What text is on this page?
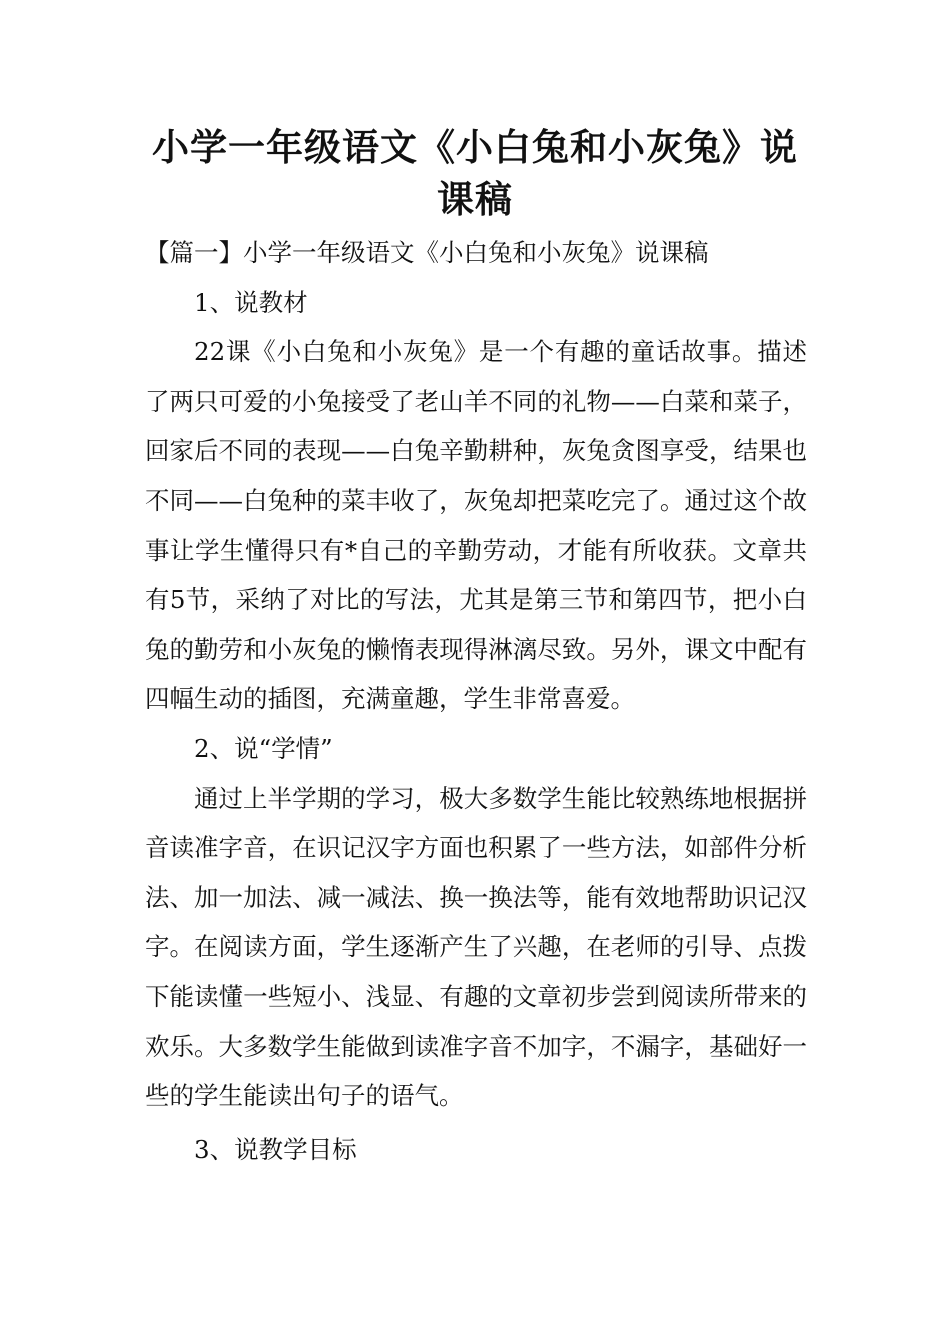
小学一年级语文《小白兔和小灰兔》说课稿

【篇一】小学一年级语文《小白兔和小灰兔》说课稿

1、说教材

22课《小白兔和小灰兔》是一个有趣的童话故事。描述了两只可爱的小兔接受了老山羊不同的礼物——白菜和菜子，回家后不同的表现——白兔辛勤耕种，灰兔贪图享受，结果也不同——白兔种的菜丰收了，灰兔却把菜吃完了。通过这个故事让学生懂得只有*自己的辛勤劳动，才能有所收获。文章共有5节，采纳了对比的写法，尤其是第三节和第四节，把小白兔的勤劳和小灰兔的懒惰表现得淋漓尽致。另外，课文中配有四幅生动的插图，充满童趣，学生非常喜爱。

2、说“学情”

通过上半学期的学习，极大多数学生能比较熟练地根据拼音读准字音，在识记汉字方面也积累了一些方法，如部件分析法、加一加法、减一减法、换一换法等，能有效地帮助识记汉字。在阅读方面，学生逐渐产生了兴趣，在老师的引导、点拨下能读懂一些短小、浅显、有趣的文章初步尝到阅读所带来的欢乐。大多数学生能做到读准字音不加字，不漏字，基础好一些的学生能读出句子的语气。

3、说教学目标
